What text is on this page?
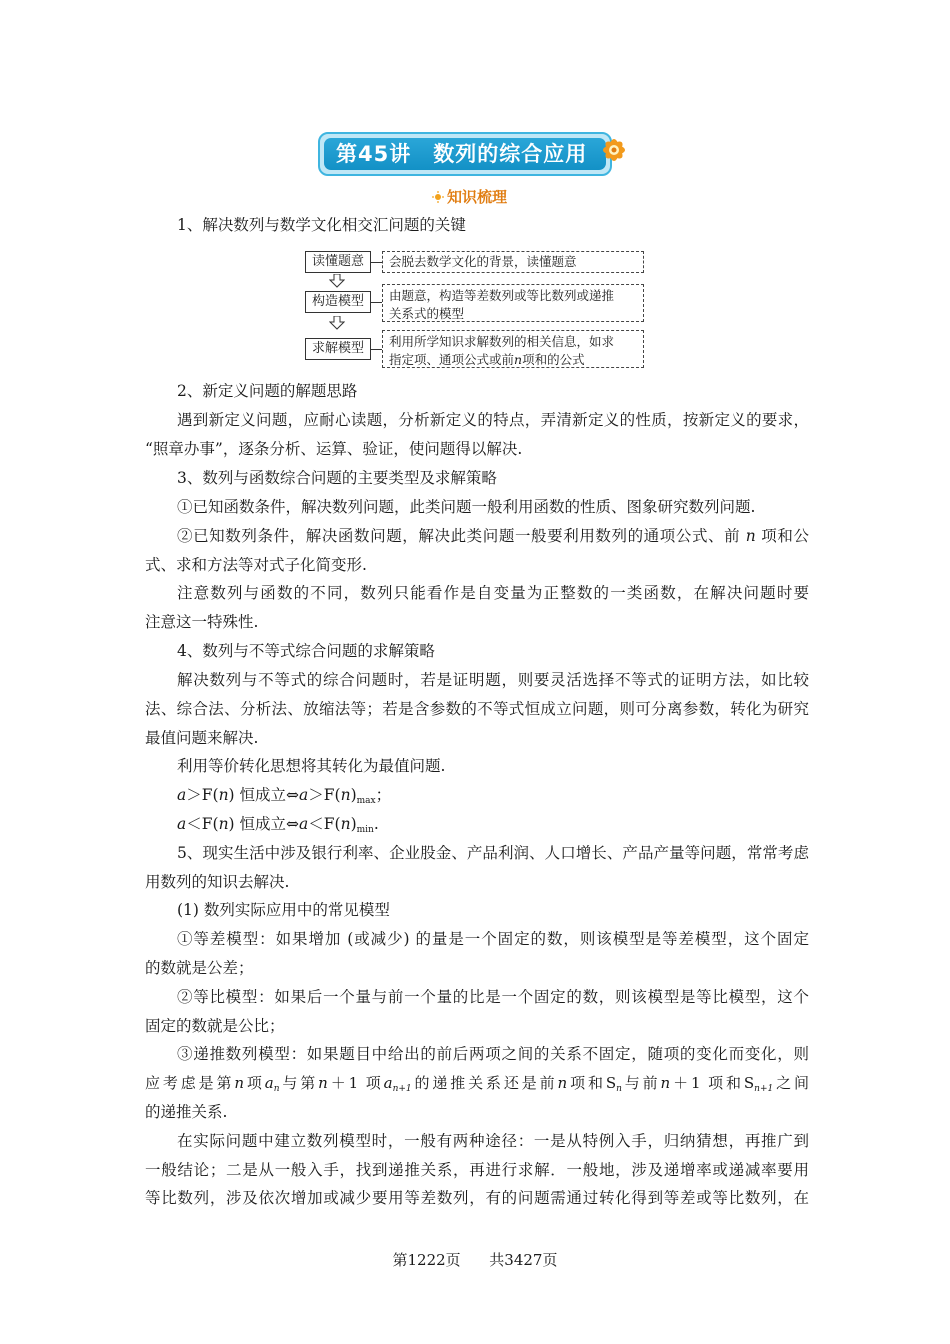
第45讲　 数列的综合应用
知识梳理
1、解决数列与数学文化相交汇问题的关键
读懂题意	会脱去数学文化的背景，读懂题意
构造模型	由题意，构造等差数列或等比数列或递推
关系式的模型
求解模型	利用所学知识求解数列的相关信息，如求
指定项、通项公式或前n项和的公式
2、新定义问题的解题思路
遇到新定义问题，应耐心读题，分析新定义的特点，弄清新定义的性质，按新定义的要求，
“照章办事”，逐条分析、运算、验证，使问题得以解决.
3、数列与函数综合问题的主要类型及求解策略
①已知函数条件，解决数列问题，此类问题一般利用函数的性质、图象研究数列问题.
②已知数列条件，解决函数问题，解决此类问题一般要利用数列的通项公式、前 n 项和公
式、求和方法等对式子化简变形.
注意数列与函数的不同，数列只能看作是自变量为正整数的一类函数，在解决问题时要
注意这一特殊性.
4、数列与不等式综合问题的求解策略
解决数列与不等式的综合问题时，若是证明题，则要灵活选择不等式的证明方法，如比较
法、综合法、分析法、放缩法等；若是含参数的不等式恒成立问题，则可分离参数，转化为研究
最值问题来解决.
利用等价转化思想将其转化为最值问题.
a＞F(n) 恒成立$\Leftrightarrow a>F(n)_{max}$；
a＜F(n) 恒成立$\Leftrightarrow a<F(n)_{min}$.
5、现实生活中涉及银行利率、企业股金、产品利润、人口增长、产品产量等问题，常常考虑
用数列的知识去解决.
(1) 数列实际应用中的常见模型
①等差模型：如果增加 (或减少) 的量是一个固定的数，则该模型是等差模型，这个固定
的数就是公差；
②等比模型：如果后一个量与前一个量的比是一个固定的数，则该模型是等比模型，这个
固定的数就是公比；
③递推数列模型：如果题目中给出的前后两项之间的关系不固定，随项的变化而变化，则
应考虑是第n项$a_n$与第n＋1 项$a_{n+1}$的递推关系还是前n项和$S_n$与前n＋1 项和$S_{n+1}$之间
的递推关系.
在实际问题中建立数列模型时，一般有两种途径：一是从特例入手，归纳猜想，再推广到
一般结论；二是从一般入手，找到递推关系，再进行求解．一般地，涉及递增率或递减率要用
等比数列，涉及依次增加或减少要用等差数列，有的问题需通过转化得到等差或等比数列，在
第1222页 共3427页
